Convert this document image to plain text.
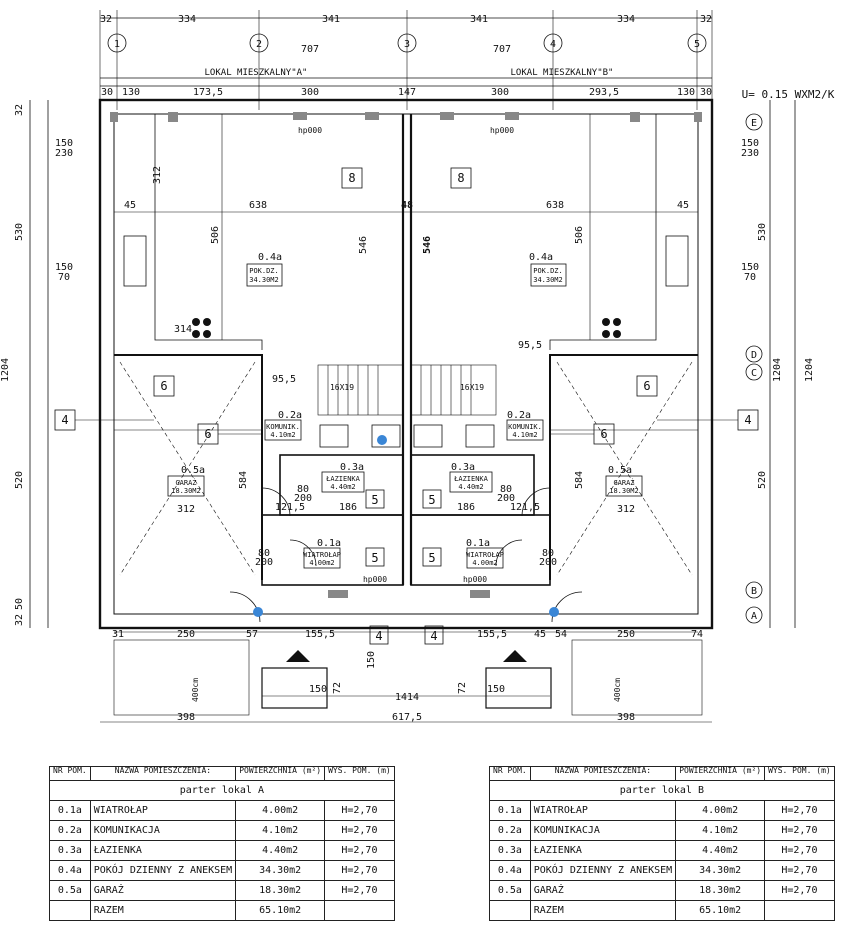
32	334	341	341	334	32
1	2	3	4	5
707	707
LOKAL MIESZKALNY"A"	LOKAL MIESZKALNY"B"
U= 0.15 WXM2/K
30 130	173,5	300	147	300	293,5	130 30
E
D
C
B
A
8	8
6	6
6	6
4	4
4	4
5	5
5	5
312
638	638
45	45
506	506
546
48
546
314
95,5
95,5
16X19	16X19
584	584
312	312
121,5	121,5
186	186
80
200
80
200
80
200
80
200
hp000	hp000
hp000	hp000
530
520
1204
32
32
50
150
230
150
70
530
520
1204 1204
150
230
150
70
31	250	57	155,5	155,5	45 54	250	74
150
150 72	72 150
1414
398	617,5	398
400cm	400cm
0.4a
POK.DZ.
34.30M2
0.4a
POK.DZ.
34.30M2
0.2a
KOMUNIK.
4.10m2
0.2a
KOMUNIK.
4.10m2
0.3a
ŁAZIENKA
4.40m2
0.3a
ŁAZIENKA
4.40m2
0.5a
GARAŻ
18.30M2
0.5a
GARAŻ
18.30M2
0.1a
WIATROŁAP
4.00m2
0.1a
WIATROŁAP
4.00m2
NR POM.	NAZWA POMIESZCZENIA:	POWIERZCHNIA (m²)	WYS. POM. (m)
parter lokal A			
0.1a	WIATROŁAP	4.00m2	H=2,70
0.2a	KOMUNIKACJA	4.10m2	H=2,70
0.3a	ŁAZIENKA	4.40m2	H=2,70
0.4a	POKÓJ DZIENNY Z ANEKSEM	34.30m2	H=2,70
0.5a	GARAŻ	18.30m2	H=2,70
	RAZEM	65.10m2	
NR POM.	NAZWA POMIESZCZENIA:	POWIERZCHNIA (m²)	WYS. POM. (m)
parter lokal B			
0.1a	WIATROŁAP	4.00m2	H=2,70
0.2a	KOMUNIKACJA	4.10m2	H=2,70
0.3a	ŁAZIENKA	4.40m2	H=2,70
0.4a	POKÓJ DZIENNY Z ANEKSEM	34.30m2	H=2,70
0.5a	GARAŻ	18.30m2	H=2,70
	RAZEM	65.10m2	
